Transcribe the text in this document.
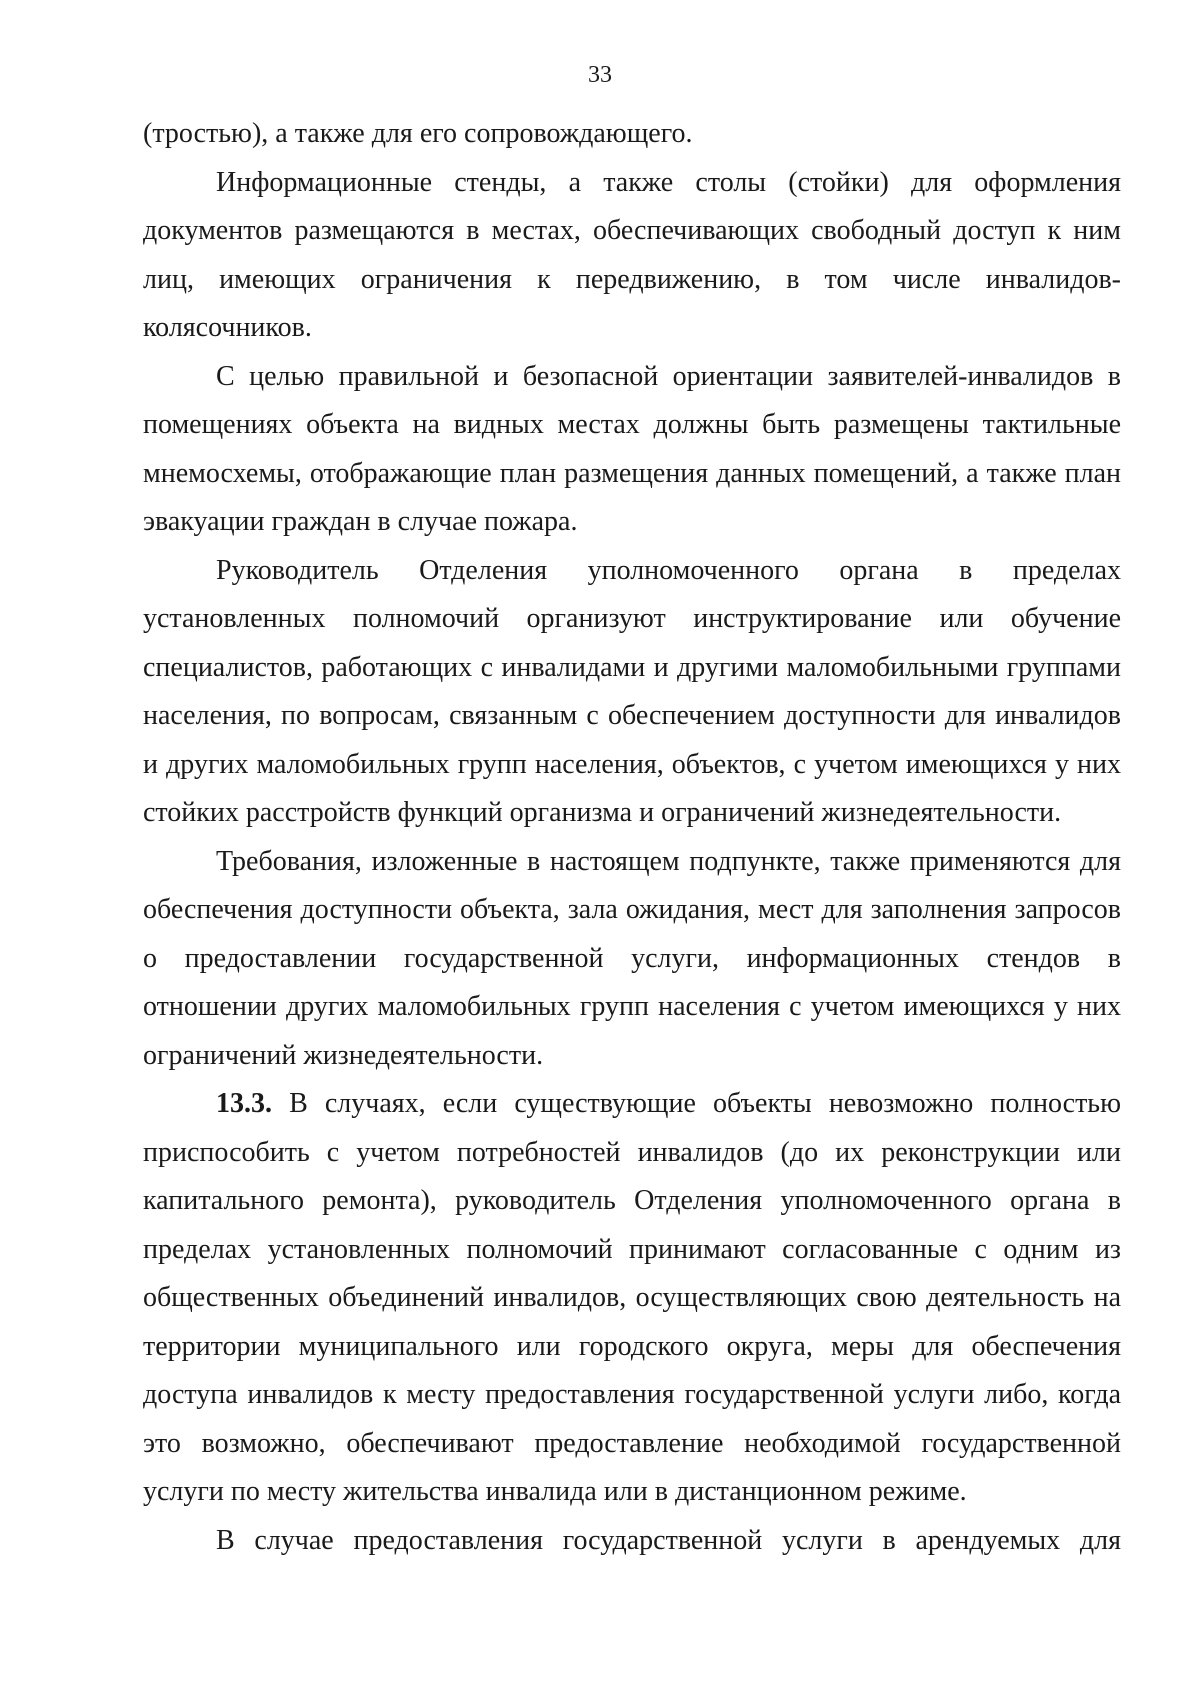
33

(тростью), а также для его сопровождающего.

Информационные стенды, а также столы (стойки) для оформления документов размещаются в местах, обеспечивающих свободный доступ к ним лиц, имеющих ограничения к передвижению, в том числе инвалидов-колясочников.

С целью правильной и безопасной ориентации заявителей-инвалидов в помещениях объекта на видных местах должны быть размещены тактильные мнемосхемы, отображающие план размещения данных помещений, а также план эвакуации граждан в случае пожара.

Руководитель Отделения уполномоченного органа в пределах установленных полномочий организуют инструктирование или обучение специалистов, работающих с инвалидами и другими маломобильными группами населения, по вопросам, связанным с обеспечением доступности для инвалидов и других маломобильных групп населения, объектов, с учетом имеющихся у них стойких расстройств функций организма и ограничений жизнедеятельности.

Требования, изложенные в настоящем подпункте, также применяются для обеспечения доступности объекта, зала ожидания, мест для заполнения запросов о предоставлении государственной услуги, информационных стендов в отношении других маломобильных групп населения с учетом имеющихся у них ограничений жизнедеятельности.

13.3. В случаях, если существующие объекты невозможно полностью приспособить с учетом потребностей инвалидов (до их реконструкции или капитального ремонта), руководитель Отделения уполномоченного органа в пределах установленных полномочий принимают согласованные с одним из общественных объединений инвалидов, осуществляющих свою деятельность на территории муниципального или городского округа, меры для обеспечения доступа инвалидов к месту предоставления государственной услуги либо, когда это возможно, обеспечивают предоставление необходимой государственной услуги по месту жительства инвалида или в дистанционном режиме.

В случае предоставления государственной услуги в арендуемых для
